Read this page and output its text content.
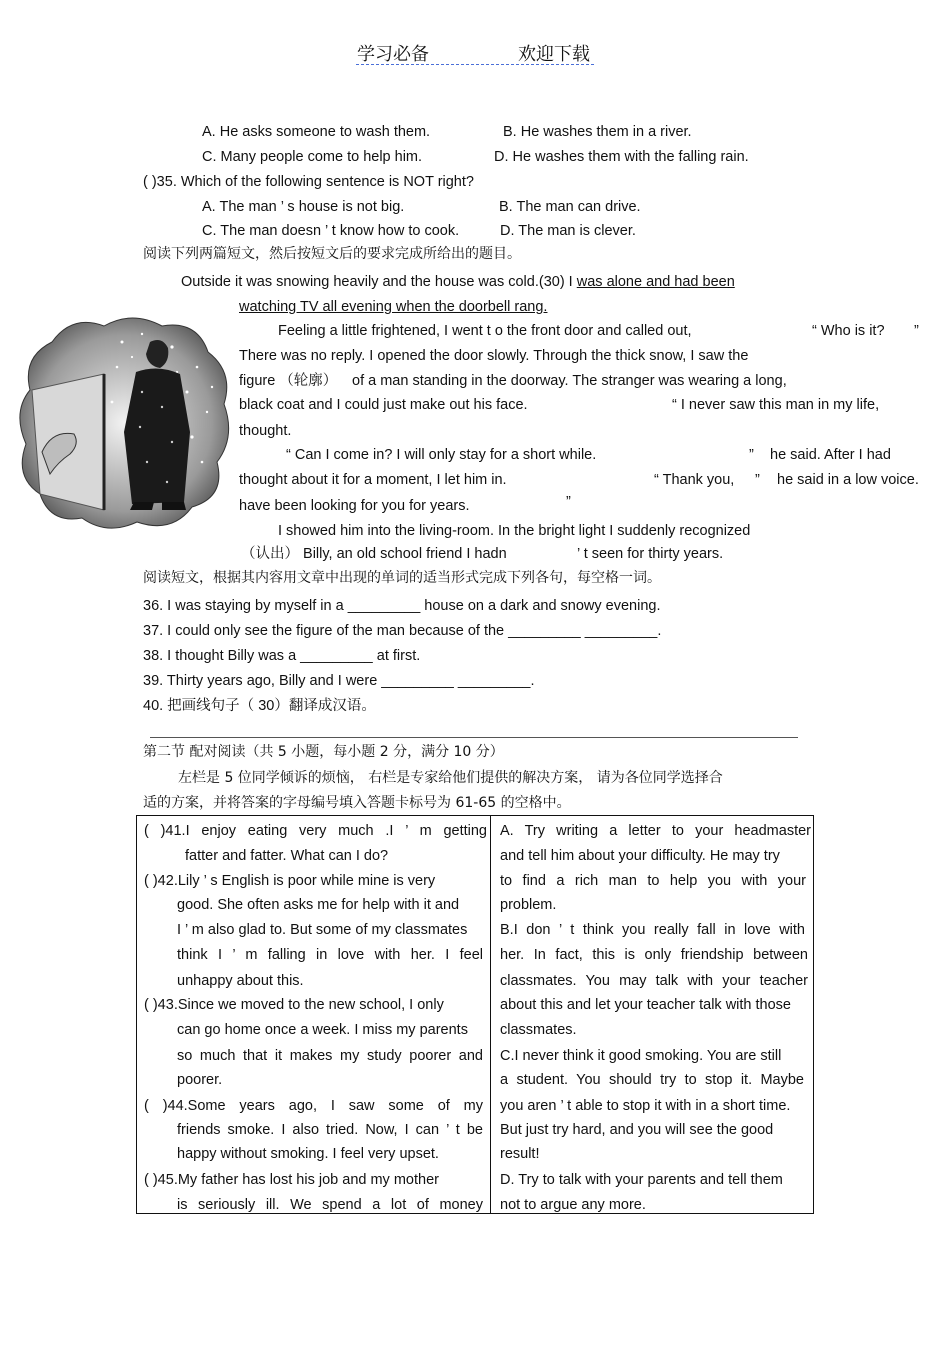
学习必备	欢迎下载
A. He asks someone to wash them.	B. He washes them in a river.
C. Many people come to help him.	D. He washes them with the falling rain.
( )35. Which of the following sentence is NOT right?
A. The man ’ s house is not big.	B. The man can drive.
C. The man doesn ’ t know how to cook.	D. The man is clever.
阅读下列两篇短文，然后按短文后的要求完成所给出的题目。
Outside it was snowing heavily and the house was cold.(30) I was alone and had been
watching TV all evening when the doorbell rang.
Feeling a little frightened, I went t o the front door and called out,	“ Who is it? ”
There was no reply. I opened the door slowly. Through the thick snow, I saw the
figure （轮廓） of a man standing in the doorway. The stranger was wearing a long,
black coat and I could just make out his face.	“ I never saw this man in my life,
thought.
“ Can I come in? I will only stay for a short while.	” he said. After I had
thought about it for a moment, I let him in.	“ Thank you, ” he said in a low voice.
have been looking for you for years.	”
I showed him into the living-room. In the bright light I suddenly recognized
（认出） Billy, an old school friend I hadn	’ t seen for thirty years.
阅读短文，根据其内容用文章中出现的单词的适当形式完成下列各句，每空格一词。
36. I was staying by myself in a _________ house on a dark and snowy evening.
37. I could only see the figure of the man because of the _________ _________.
38. I thought Billy was a _________ at first.
39. Thirty years ago, Billy and I were _________ _________.
40. 把画线句子（ 30）翻译成汉语。
第二节 配对阅读（共 5 小题，每小题 2 分，满分 10 分）
左栏是 5 位同学倾诉的烦恼， 右栏是专家给他们提供的解决方案， 请为各位同学选择合
适的方案，并将答案的字母编号填入答题卡标号为 61-65 的空格中。
( )41.I enjoy eating very much .I ’ m getting
fatter and fatter. What can I do?
( )42.Lily ’ s English is poor while mine is very
good. She often asks me for help with it and
I ’ m also glad to. But some of my classmates
think I ’ m falling in love with her. I feel
unhappy about this.
( )43.Since we moved to the new school, I only
can go home once a week. I miss my parents
so much that it makes my study poorer and
poorer.
( )44.Some years ago, I saw some of my
friends smoke. I also tried. Now, I can ’ t be
happy without smoking. I feel very upset.
( )45.My father has lost his job and my mother
is seriously ill. We spend a lot of money

A. Try writing a letter to your headmaster
and tell him about your difficulty. He may try
to find a rich man to help you with your
problem.
B.I don ’ t think you really fall in love with
her. In fact, this is only friendship between
classmates. You may talk with your teacher
about this and let your teacher talk with those
classmates.
C.I never think it good smoking. You are still
a student. You should try to stop it. Maybe
you aren ’ t able to stop it with in a short time.
But just try hard, and you will see the good
result!
D. Try to talk with your parents and tell them
not to argue any more.
